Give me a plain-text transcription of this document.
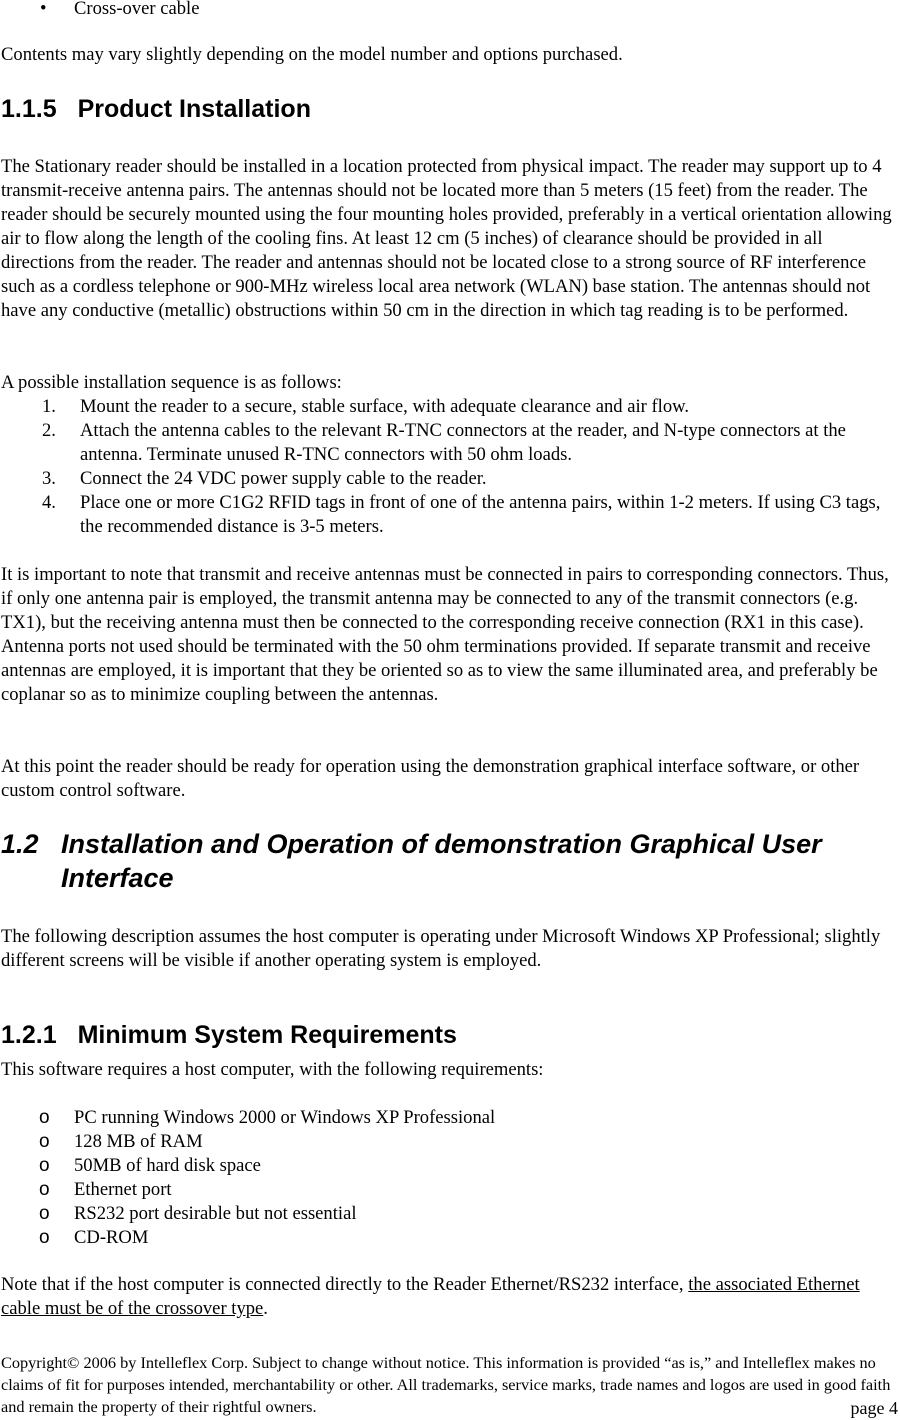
• Cross-over cable

Contents may vary slightly depending on the model number and options purchased.

1.1.5 Product Installation

The Stationary reader should be installed in a location protected from physical impact. The reader may support up to 4 transmit-receive antenna pairs. The antennas should not be located more than 5 meters (15 feet) from the reader. The reader should be securely mounted using the four mounting holes provided, preferably in a vertical orientation allowing air to flow along the length of the cooling fins. At least 12 cm (5 inches) of clearance should be provided in all directions from the reader. The reader and antennas should not be located close to a strong source of RF interference such as a cordless telephone or 900-MHz wireless local area network (WLAN) base station. The antennas should not have any conductive (metallic) obstructions within 50 cm in the direction in which tag reading is to be performed.

A possible installation sequence is as follows:

1. Mount the reader to a secure, stable surface, with adequate clearance and air flow.
2. Attach the antenna cables to the relevant R-TNC connectors at the reader, and N-type connectors at the antenna. Terminate unused R-TNC connectors with 50 ohm loads.
3. Connect the 24 VDC power supply cable to the reader.
4. Place one or more C1G2 RFID tags in front of one of the antenna pairs, within 1-2 meters. If using C3 tags, the recommended distance is 3-5 meters.

It is important to note that transmit and receive antennas must be connected in pairs to corresponding connectors. Thus, if only one antenna pair is employed, the transmit antenna may be connected to any of the transmit connectors (e.g. TX1), but the receiving antenna must then be connected to the corresponding receive connection (RX1 in this case). Antenna ports not used should be terminated with the 50 ohm terminations provided. If separate transmit and receive antennas are employed, it is important that they be oriented so as to view the same illuminated area, and preferably be coplanar so as to minimize coupling between the antennas.

At this point the reader should be ready for operation using the demonstration graphical interface software, or other custom control software.

1.2 Installation and Operation of demonstration Graphical User
Interface

The following description assumes the host computer is operating under Microsoft Windows XP Professional; slightly different screens will be visible if another operating system is employed.

1.2.1 Minimum System Requirements

This software requires a host computer, with the following requirements:

o PC running Windows 2000 or Windows XP Professional
o 128 MB of RAM
o 50MB of hard disk space
o Ethernet port
o RS232 port desirable but not essential
o CD-ROM

Note that if the host computer is connected directly to the Reader Ethernet/RS232 interface, the associated Ethernet cable must be of the crossover type.

Copyright© 2006 by Intelleflex Corp. Subject to change without notice. This information is provided “as is,” and Intelleflex makes no claims of fit for purposes intended, merchantability or other. All trademarks, service marks, trade names and logos are used in good faith and remain the property of their rightful owners.	page 4
